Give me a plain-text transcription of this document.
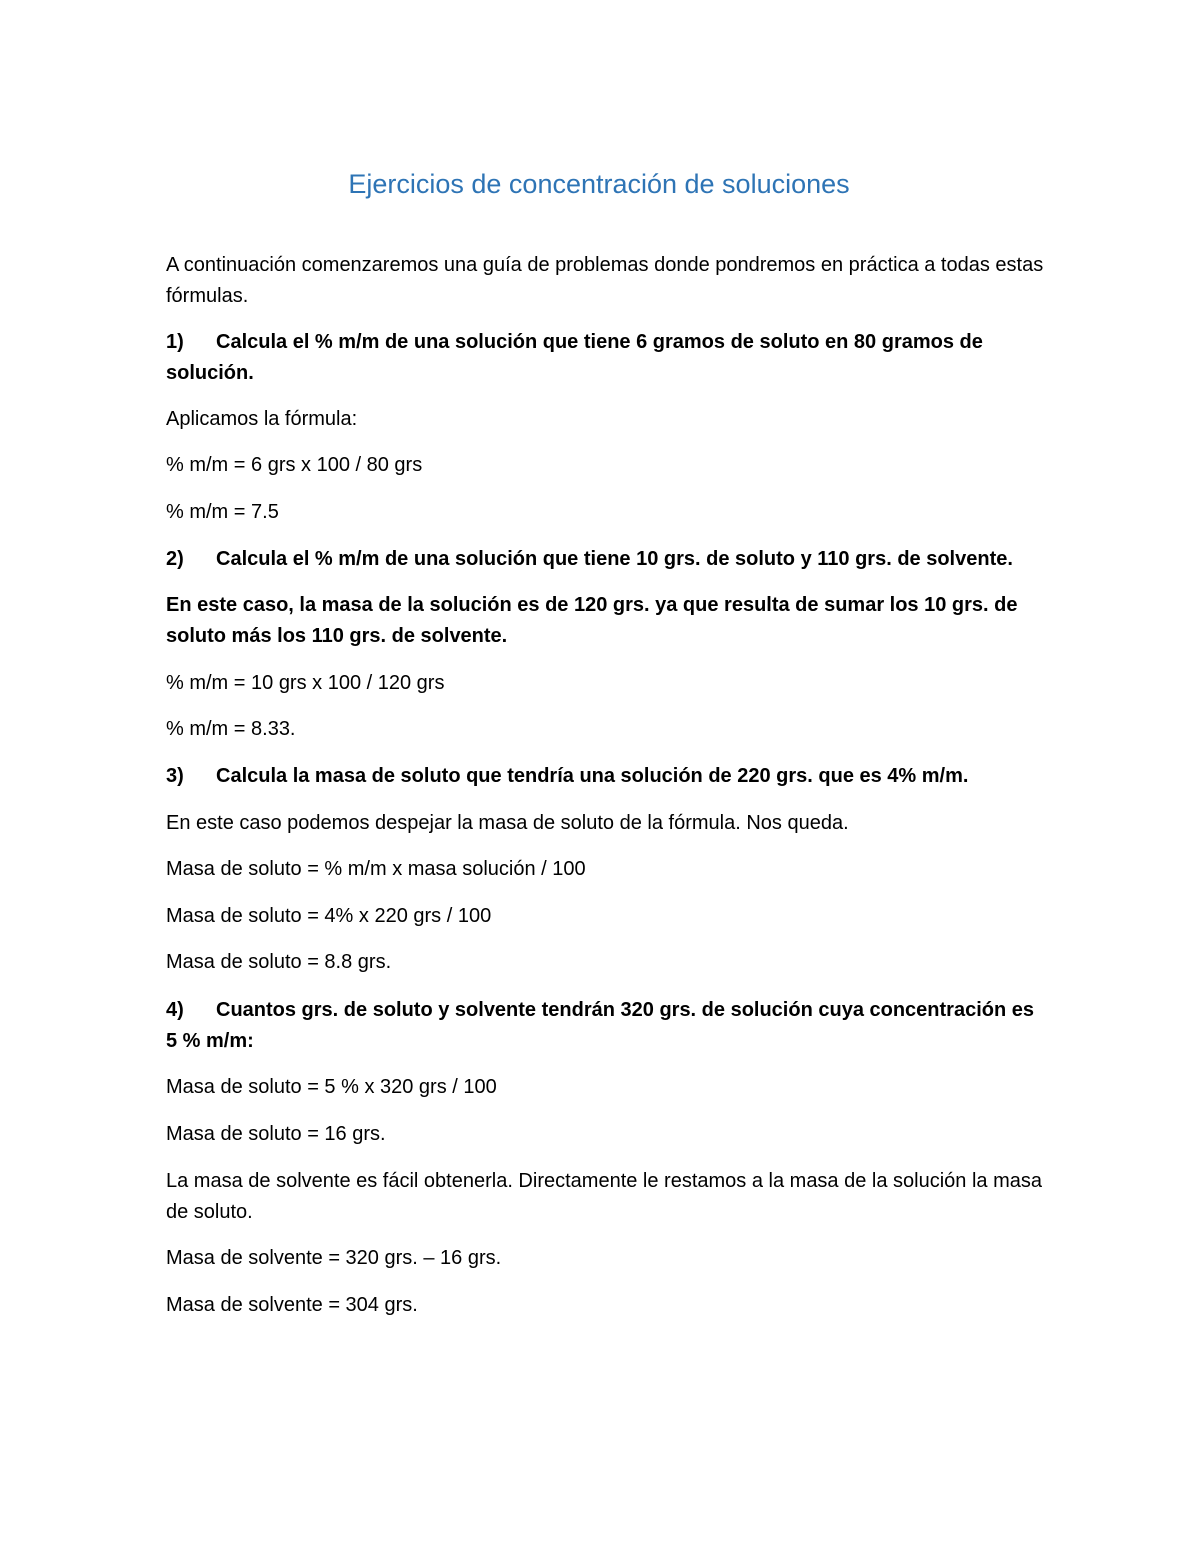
Ejercicios de concentración de soluciones
A continuación comenzaremos una guía de problemas donde pondremos en práctica a todas estas fórmulas.
1) Calcula el % m/m de una solución que tiene 6 gramos de soluto en 80 gramos de solución.
Aplicamos la fórmula:
% m/m = 6 grs x 100 / 80 grs
% m/m = 7.5
2) Calcula el % m/m de una solución que tiene 10 grs. de soluto y 110 grs. de solvente.
En este caso, la masa de la solución es de 120 grs. ya que resulta de sumar los 10 grs. de soluto más los 110 grs. de solvente.
% m/m = 10 grs x 100 / 120 grs
% m/m = 8.33.
3) Calcula la masa de soluto que tendría una solución de 220 grs. que es 4% m/m.
En este caso podemos despejar la masa de soluto de la fórmula. Nos queda.
Masa de soluto = % m/m x masa solución / 100
Masa de soluto = 4% x 220 grs / 100
Masa de soluto = 8.8 grs.
4) Cuantos grs. de soluto y solvente tendrán 320 grs. de solución cuya concentración es 5 % m/m:
Masa de soluto = 5 % x 320 grs / 100
Masa de soluto = 16 grs.
La masa de solvente es fácil obtenerla. Directamente le restamos a la masa de la solución la masa de soluto.
Masa de solvente = 320 grs. – 16 grs.
Masa de solvente = 304 grs.
